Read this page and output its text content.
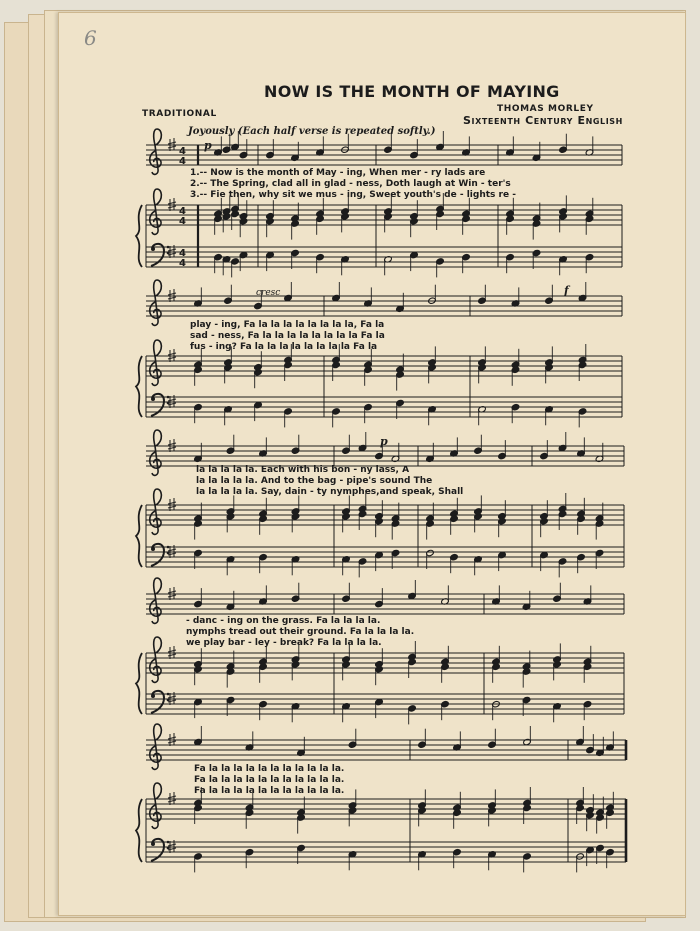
6
NOW IS THE MONTH OF MAYING
TRADITIONAL	THOMAS MORLEY
Sixteenth Century English
Joyously (Each half verse is repeated softly.)
4
4
4
4
4
4
1.-- Now is the month of May - ing, When mer - ry lads are
2.-- The Spring, clad all in glad - ness, Doth laugh at Win - ter's
3.-- Fie then, why sit we mus - ing, Sweet youth's de - lights re -
play - ing, Fa la la la la la la la la, Fa la
sad - ness, Fa la la la la la la la la Fa la
fus - ing? Fa la la la la la la la la Fa la
la la la la la. Each with his bon - ny lass, A
la la la la la. And to the bag - pipe's sound The
la la la la la. Say, dain - ty nymphes,and speak, Shall
- danc - ing on the grass. Fa la la la la.
nymphs tread out their ground. Fa la la la la.
we play bar - ley - break? Fa la la la la.
Fa la la la la la la la la la la la.
Fa la la la la la la la la la la la.
Fa la la la la la la la la la la la.
p
cresc	f
p
